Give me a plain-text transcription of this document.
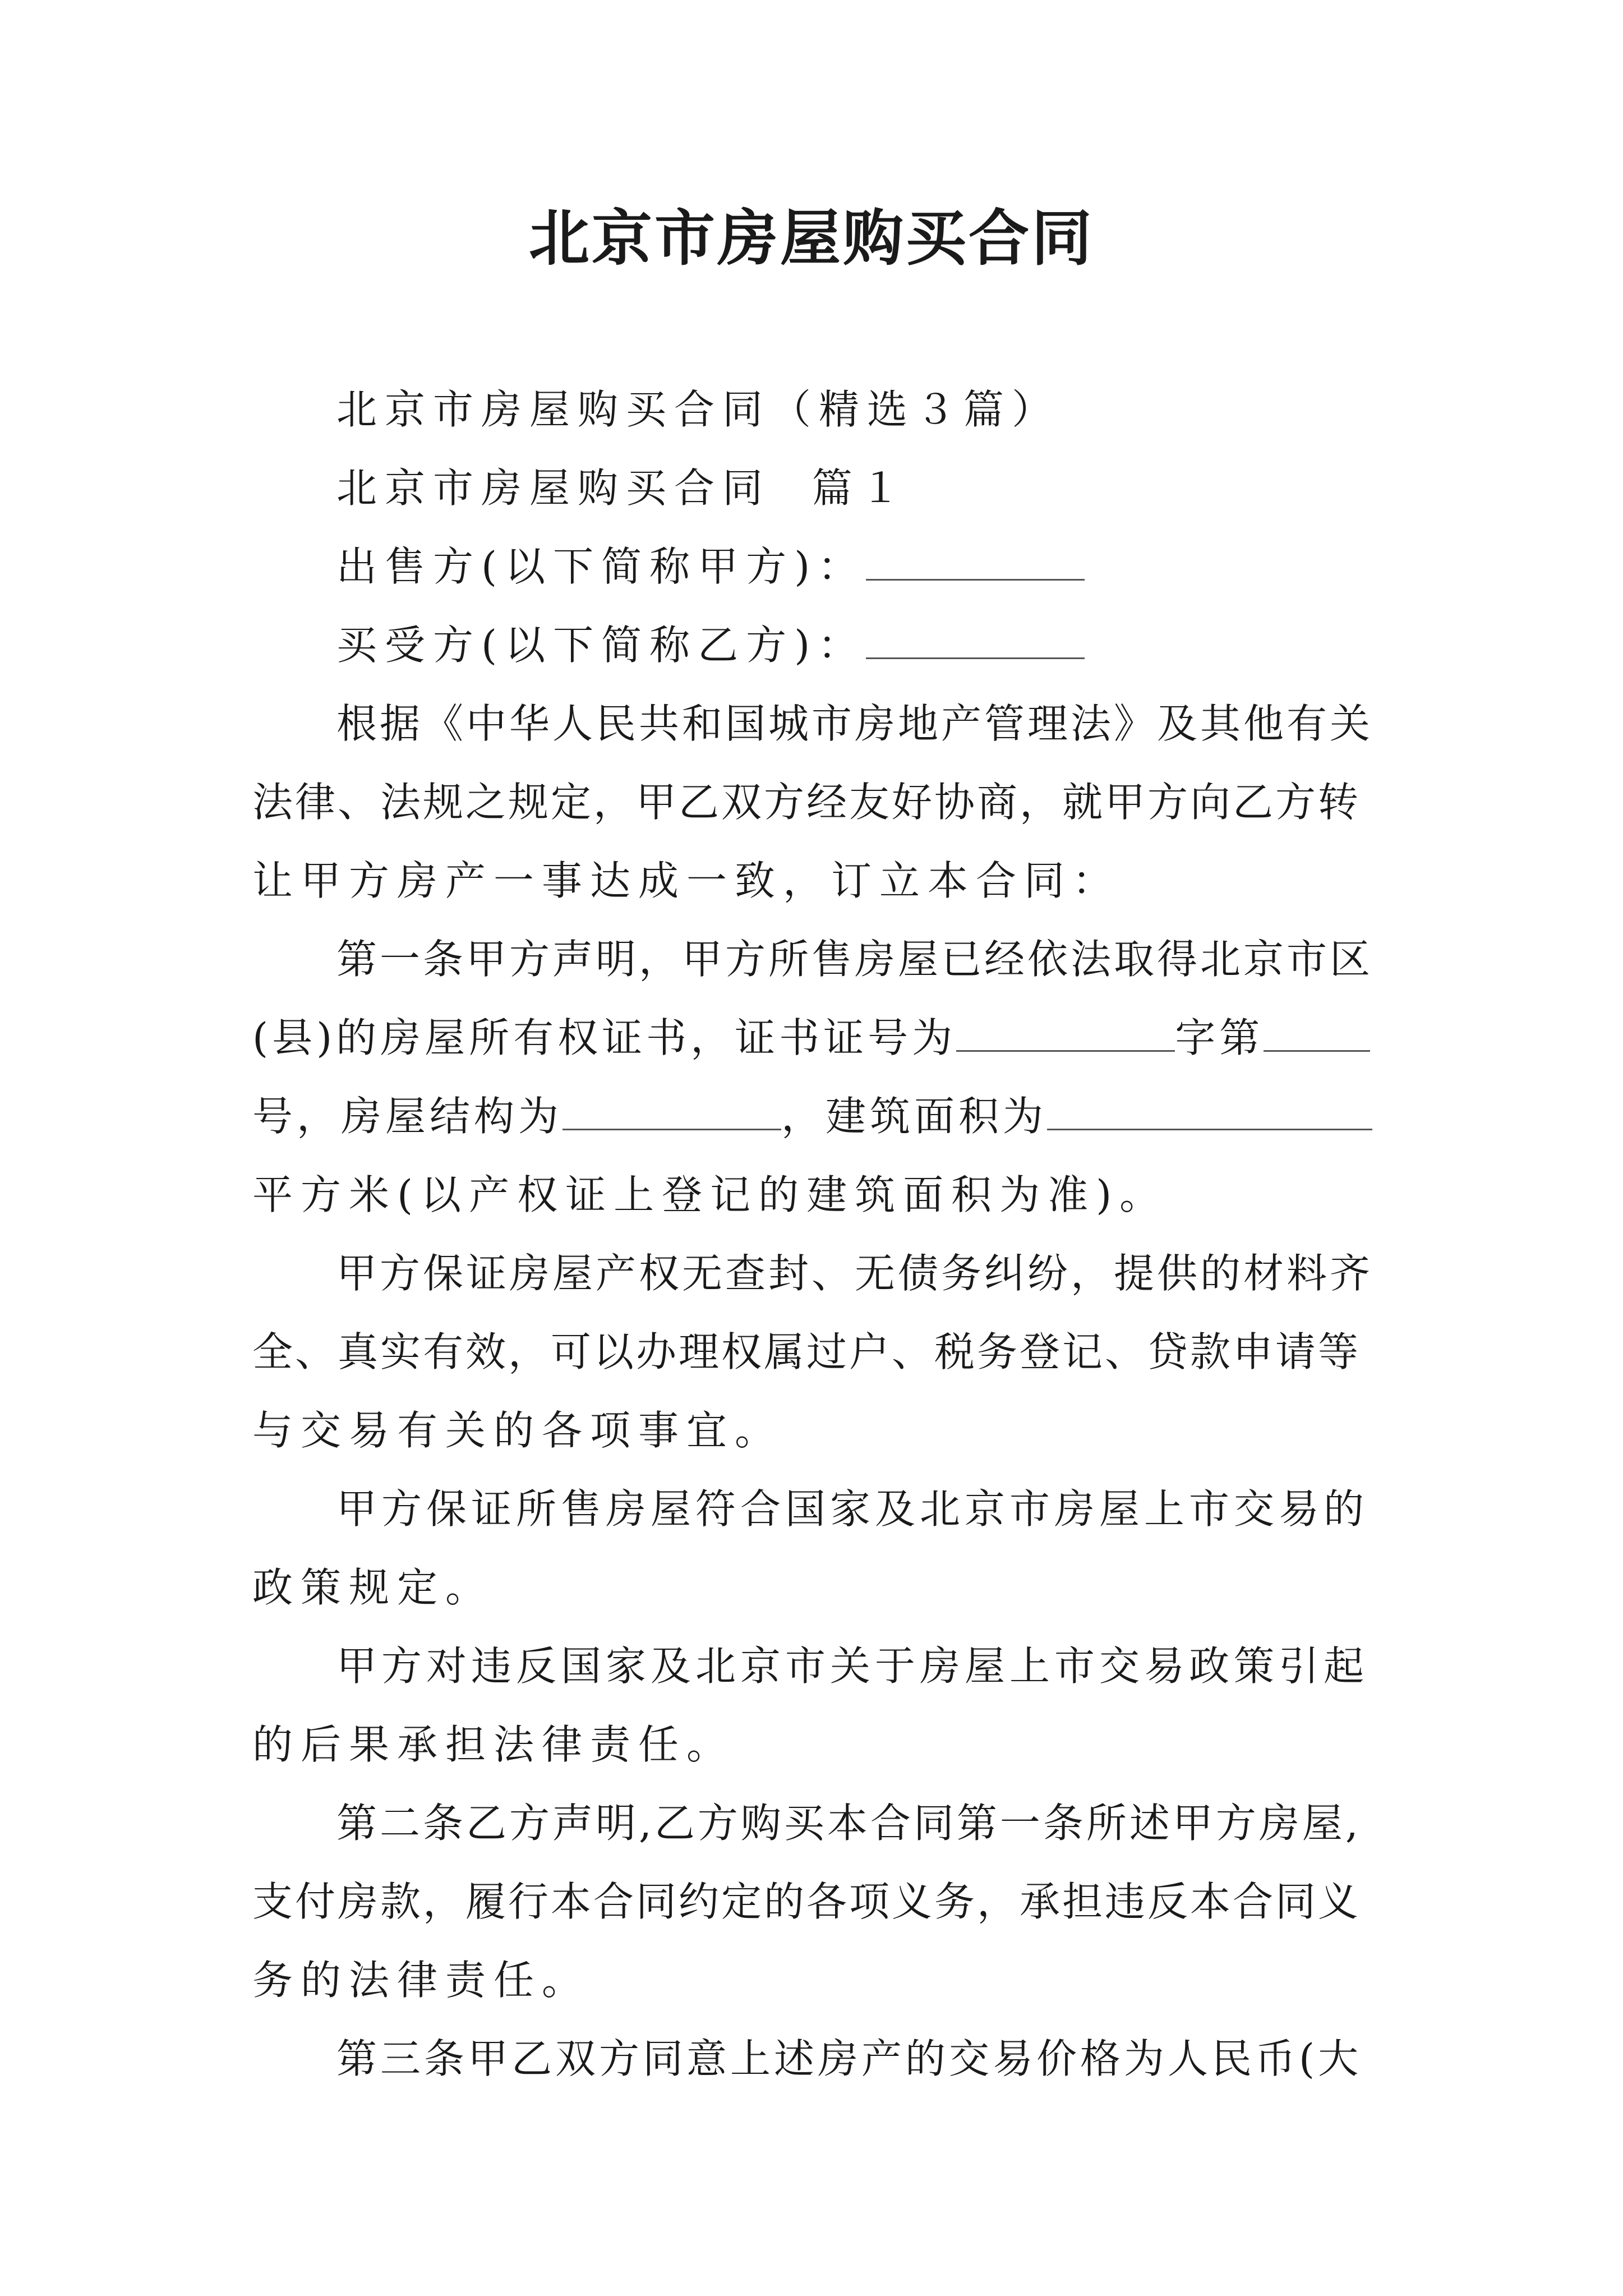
北京市房屋购买合同
北京市房屋购买合同（精选３篇）
北京市房屋购买合同  篇１
出售方(以下简称甲方)：
买受方(以下简称乙方)：
根据《中华人民共和国城市房地产管理法》及其他有关
法律、法规之规定，甲乙双方经友好协商，就甲方向乙方转
让甲方房产一事达成一致，订立本合同：
第一条甲方声明，甲方所售房屋已经依法取得北京市区
(县)的房屋所有权证书，证书证号为	字第
号，房屋结构为	，建筑面积为
平方米(以产权证上登记的建筑面积为准)。
甲方保证房屋产权无查封、无债务纠纷，提供的材料齐
全、真实有效，可以办理权属过户、税务登记、贷款申请等
与交易有关的各项事宜。
甲方保证所售房屋符合国家及北京市房屋上市交易的
政策规定。
甲方对违反国家及北京市关于房屋上市交易政策引起
的后果承担法律责任。
第二条乙方声明,乙方购买本合同第一条所述甲方房屋,
支付房款，履行本合同约定的各项义务，承担违反本合同义
务的法律责任。
第三条甲乙双方同意上述房产的交易价格为人民币(大
